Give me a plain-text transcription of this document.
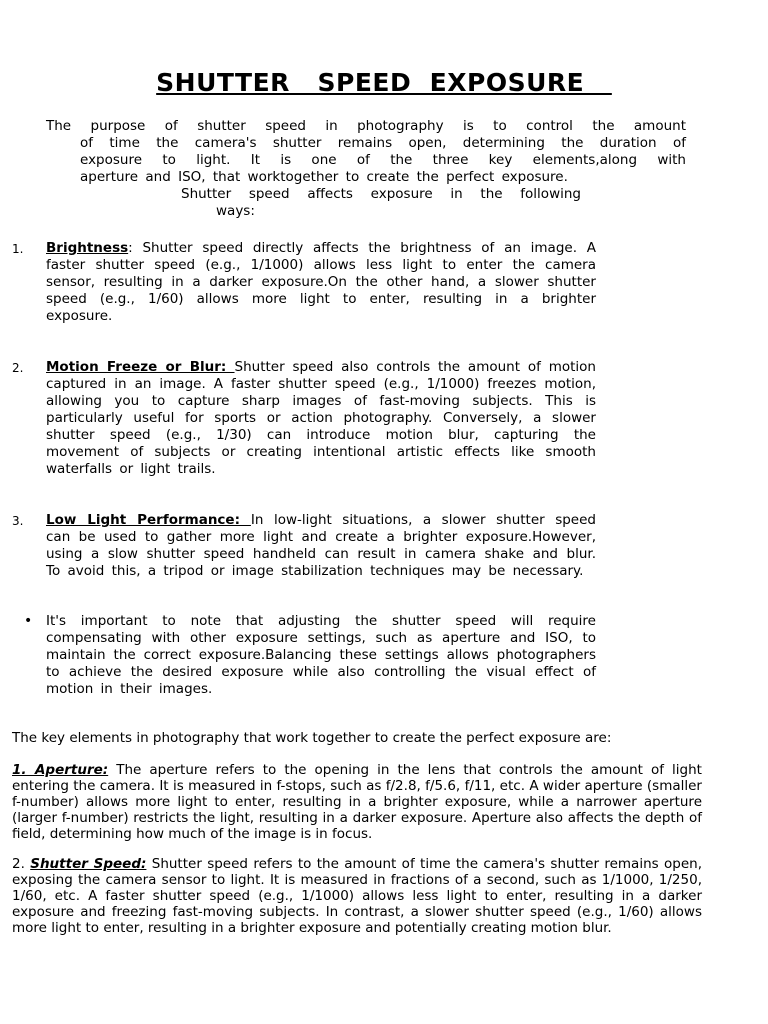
SHUTTER   SPEED  EXPOSURE
The purpose of shutter speed in photography is to control the amount
of time the camera's shutter remains open, determining the duration of
exposure to light. It is one of the three key elements,along with
aperture and ISO, that worktogether to create the perfect exposure.
Shutter speed affects exposure in the following
ways:
1. Brightness: Shutter speed directly affects the brightness of an image. A faster shutter speed (e.g., 1/1000) allows less light to enter the camera sensor, resulting in a darker exposure.On the other hand, a slower shutter speed (e.g., 1/60) allows more light to enter, resulting in a brighter exposure.
2. Motion Freeze or Blur: Shutter speed also controls the amount of motion captured in an image. A faster shutter speed (e.g., 1/1000) freezes motion, allowing you to capture sharp images of fast-moving subjects. This is particularly useful for sports or action photography. Conversely, a slower shutter speed (e.g., 1/30) can introduce motion blur, capturing the movement of subjects or creating intentional artistic effects like smooth waterfalls or light trails.
3. Low Light Performance: In low-light situations, a slower shutter speed can be used to gather more light and create a brighter exposure.However, using a slow shutter speed handheld can result in camera shake and blur. To avoid this, a tripod or image stabilization techniques may be necessary.
• It's important to note that adjusting the shutter speed will require compensating with other exposure settings, such as aperture and ISO, to maintain the correct exposure.Balancing these settings allows photographers to achieve the desired exposure while also controlling the visual effect of motion in their images.
The key elements in photography that work together to create the perfect exposure are:
1. Aperture: The aperture refers to the opening in the lens that controls the amount of light entering the camera. It is measured in f-stops, such as f/2.8, f/5.6, f/11, etc. A wider aperture (smaller f-number) allows more light to enter, resulting in a brighter exposure, while a narrower aperture (larger f-number) restricts the light, resulting in a darker exposure. Aperture also affects the depth of field, determining how much of the image is in focus.
2. Shutter Speed: Shutter speed refers to the amount of time the camera's shutter remains open, exposing the camera sensor to light. It is measured in fractions of a second, such as 1/1000, 1/250, 1/60, etc. A faster shutter speed (e.g., 1/1000) allows less light to enter, resulting in a darker exposure and freezing fast-moving subjects. In contrast, a slower shutter speed (e.g., 1/60) allows more light to enter, resulting in a brighter exposure and potentially creating motion blur.
